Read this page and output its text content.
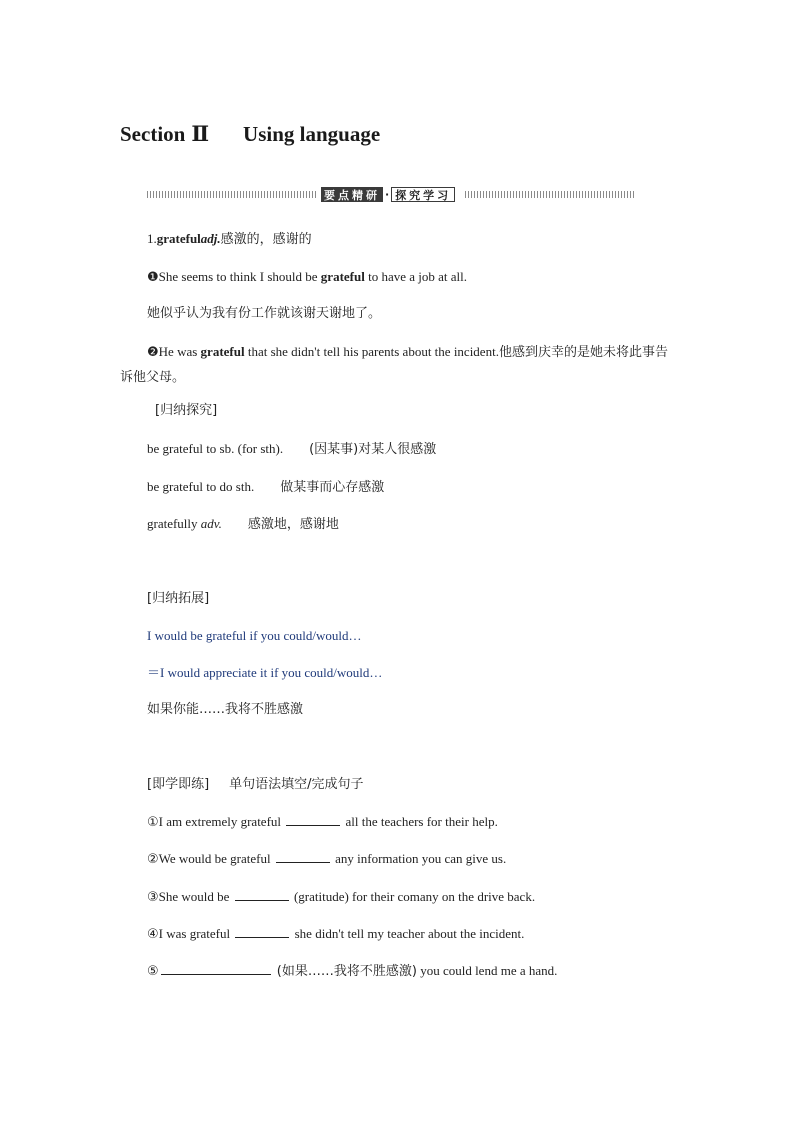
Section Ⅱ Using language
要点精研 · 探究学习
1.gratefuladj.感激的，感谢的
❶She seems to think I should be grateful to have a job at all.
她似乎认为我有份工作就该谢天谢地了。
❷He was grateful that she didn't tell his parents about the incident.他感到庆幸的是她未将此事告诉他父母。
[归纳探究]
be grateful to sb. (for sth). (因某事)对某人很感激
be grateful to do sth. 做某事而心存感激
gratefully adv. 感激地，感谢地
[归纳拓展]
I would be grateful if you could/would…
＝I would appreciate it if you could/would…
如果你能……我将不胜感激
[即学即练] 单句语法填空/完成句子
①I am extremely grateful	all the teachers for their help.
②We would be grateful	any information you can give us.
③She would be	(gratitude) for their comany on the drive back.
④I was grateful	she didn't tell my teacher about the incident.
⑤	(如果……我将不胜感激) you could lend me a hand.
